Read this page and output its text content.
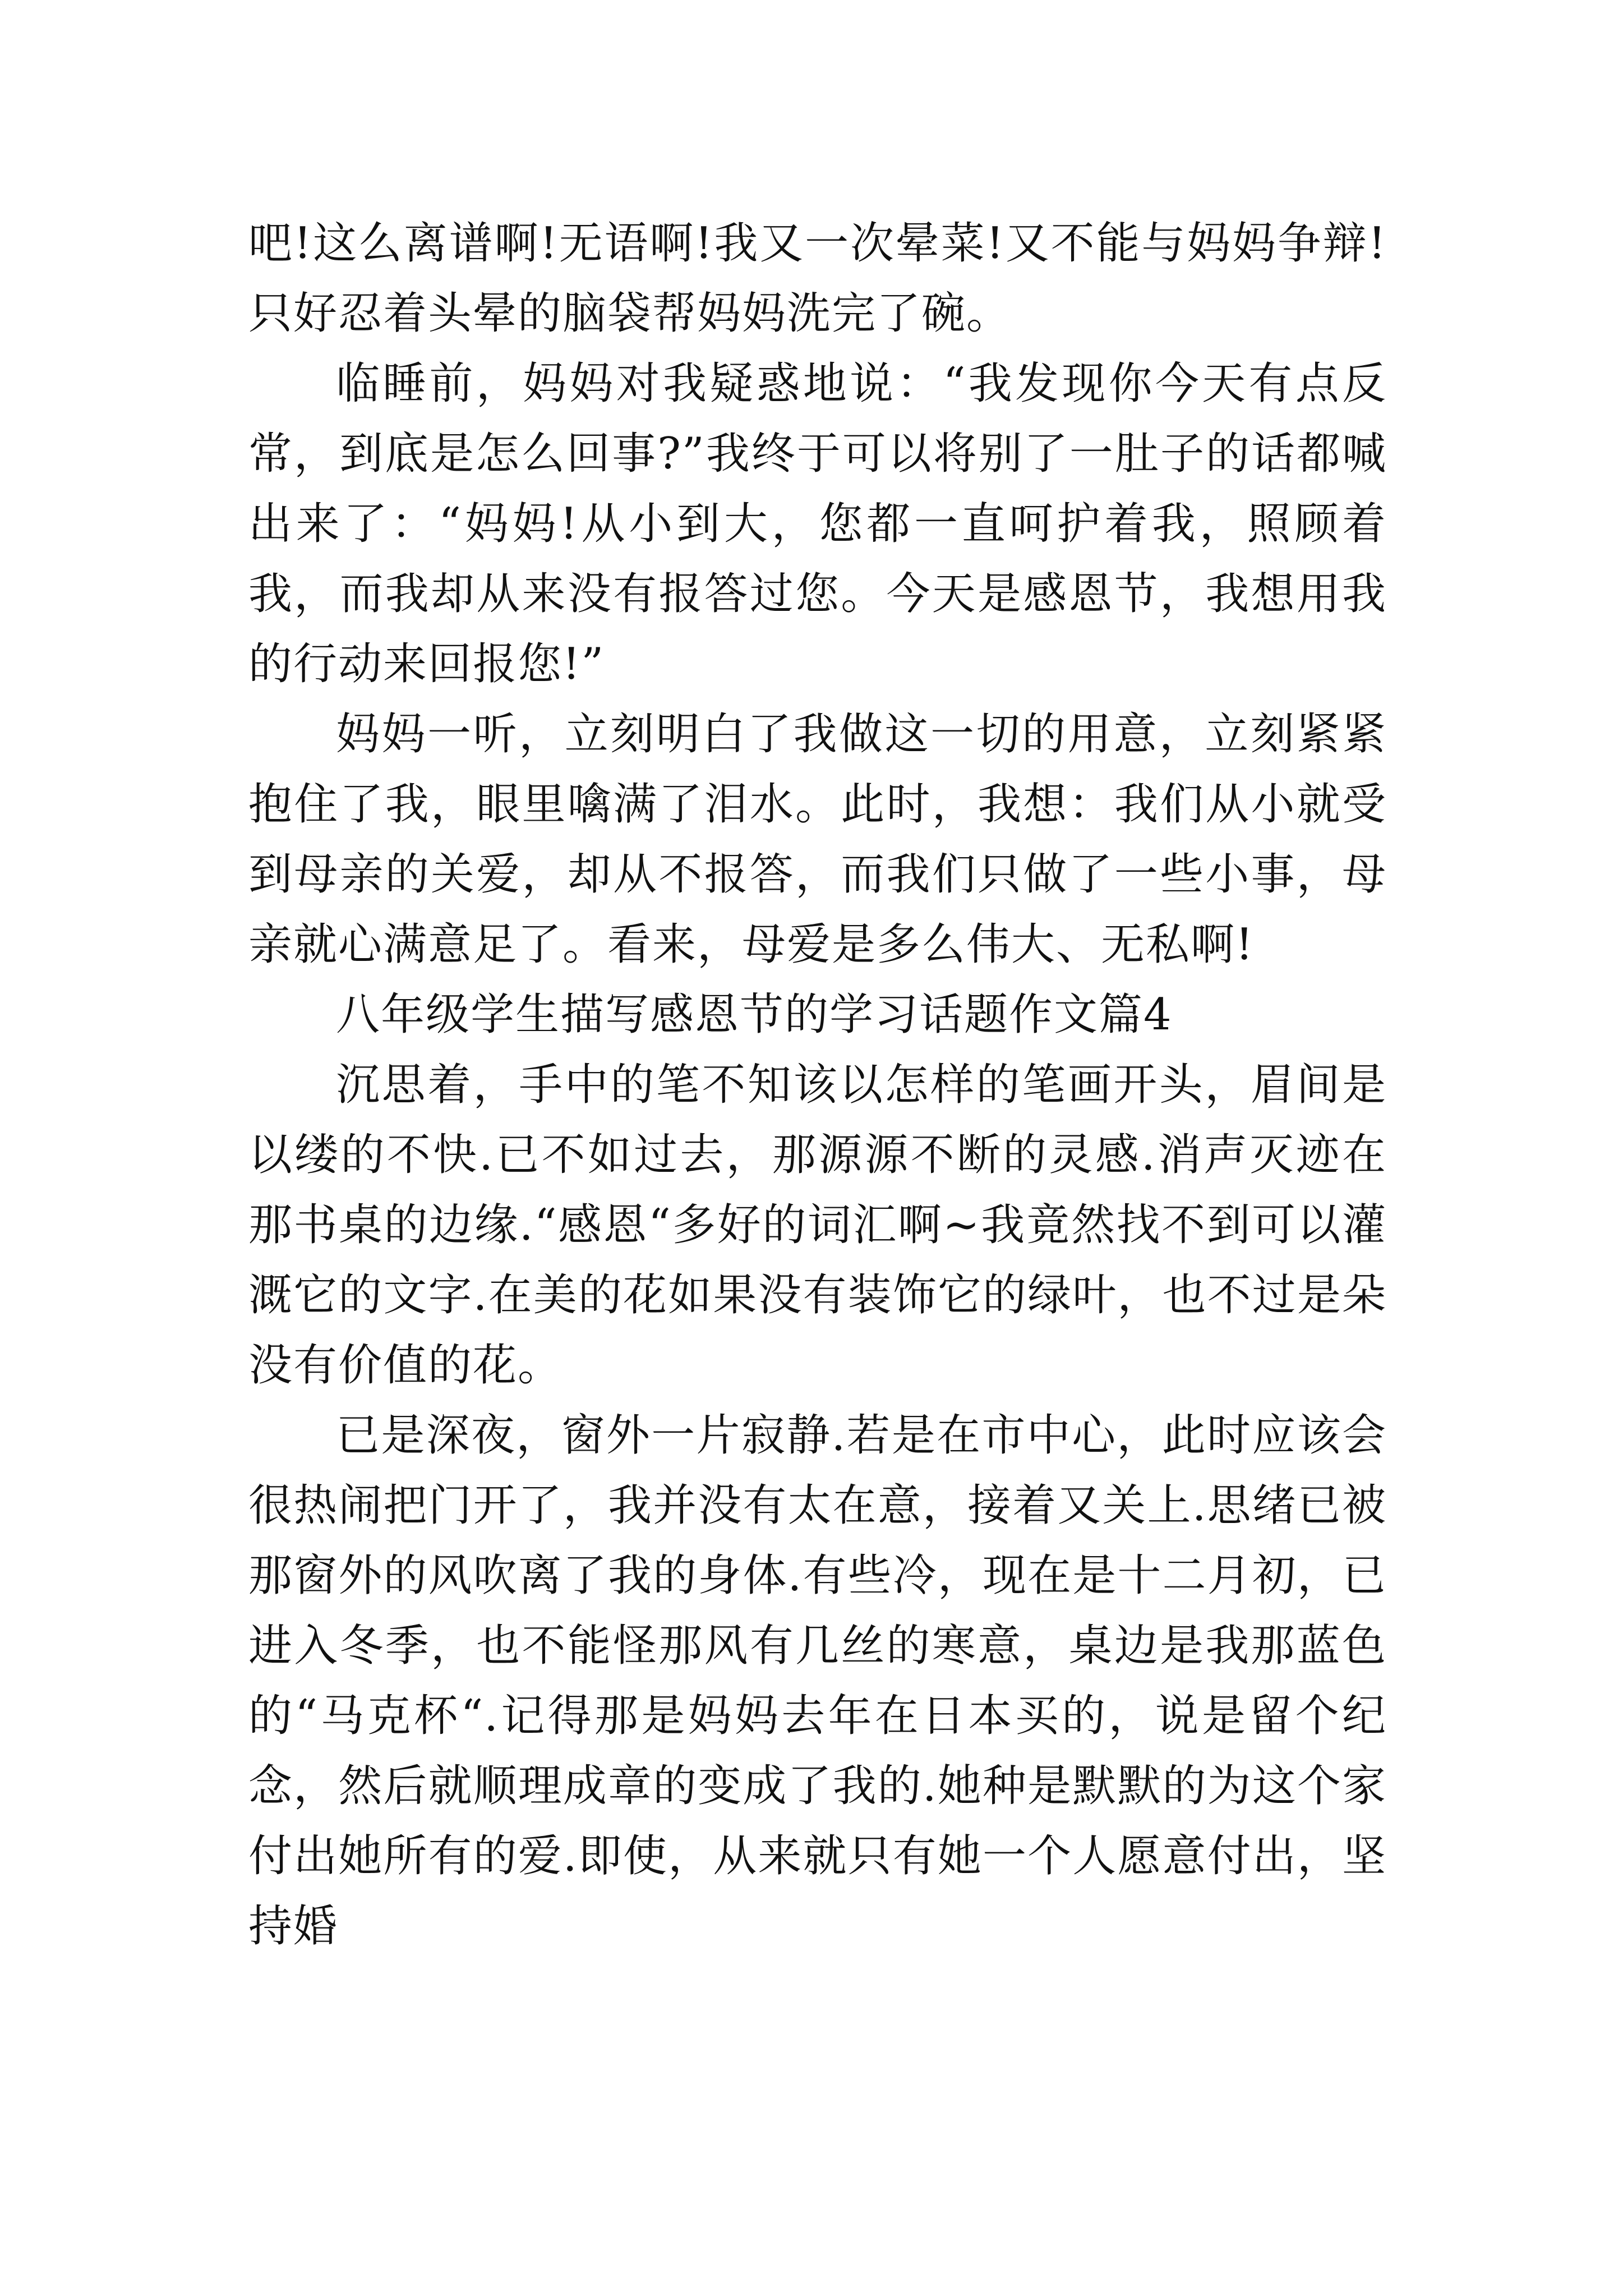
吧!这么离谱啊!无语啊!我又一次晕菜!又不能与妈妈争辩!只好忍着头晕的脑袋帮妈妈洗完了碗。

临睡前，妈妈对我疑惑地说：“我发现你今天有点反常，到底是怎么回事?”我终于可以将别了一肚子的话都喊出来了：“妈妈!从小到大，您都一直呵护着我，照顾着我，而我却从来没有报答过您。今天是感恩节，我想用我的行动来回报您!”

妈妈一听，立刻明白了我做这一切的用意，立刻紧紧抱住了我，眼里噙满了泪水。此时，我想：我们从小就受到母亲的关爱，却从不报答，而我们只做了一些小事，母亲就心满意足了。看来，母爱是多么伟大、无私啊!

八年级学生描写感恩节的学习话题作文篇4

沉思着，手中的笔不知该以怎样的笔画开头，眉间是以缕的不快.已不如过去，那源源不断的灵感.消声灭迹在那书桌的边缘.“感恩“多好的词汇啊~我竟然找不到可以灌溉它的文字.在美的花如果没有装饰它的绿叶，也不过是朵没有价值的花。

已是深夜，窗外一片寂静.若是在市中心，此时应该会很热闹把门开了，我并没有太在意，接着又关上.思绪已被那窗外的风吹离了我的身体.有些冷，现在是十二月初，已进入冬季，也不能怪那风有几丝的寒意，桌边是我那蓝色的“马克杯“.记得那是妈妈去年在日本买的，说是留个纪念，然后就顺理成章的变成了我的.她种是默默的为这个家付出她所有的爱.即使，从来就只有她一个人愿意付出，坚持婚
